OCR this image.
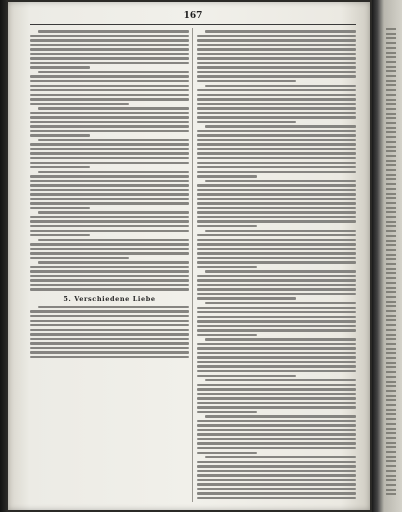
167
5. Verschiedene Liebe
